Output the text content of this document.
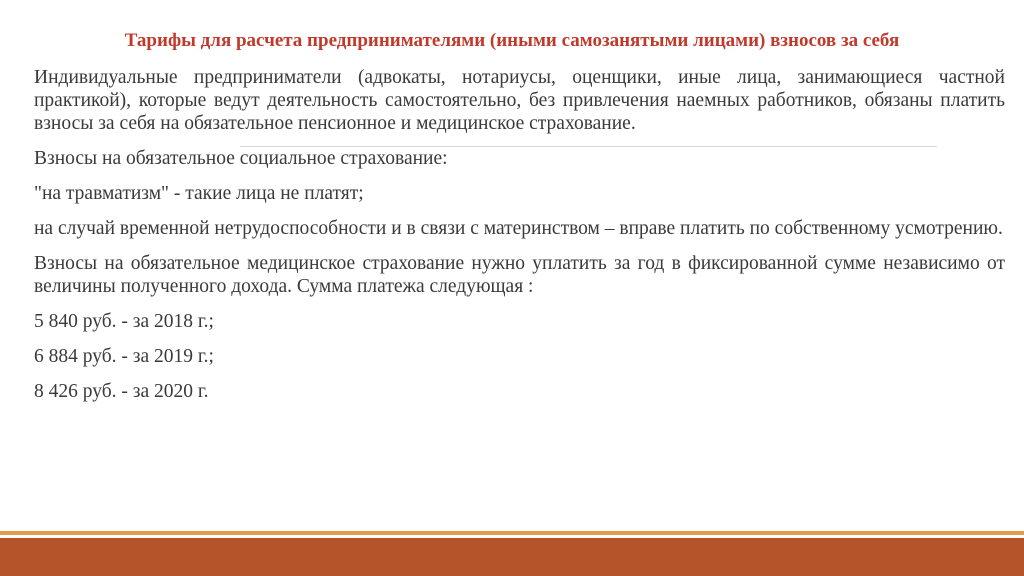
Тарифы для расчета предпринимателями (иными самозанятыми лицами) взносов за себя

Индивидуальные предприниматели (адвокаты, нотариусы, оценщики, иные лица, занимающиеся частной практикой), которые ведут деятельность самостоятельно, без привлечения наемных работников, обязаны платить взносы за себя на обязательное пенсионное и медицинское страхование.

Взносы на обязательное социальное страхование:

"на травматизм" - такие лица не платят;

на случай временной нетрудоспособности и в связи с материнством – вправе платить по собственному усмотрению.

Взносы на обязательное медицинское страхование нужно уплатить за год в фиксированной сумме независимо от величины полученного дохода. Сумма платежа следующая :

5 840 руб. - за 2018 г.;

6 884 руб. - за 2019 г.;

8 426 руб. - за 2020 г.
